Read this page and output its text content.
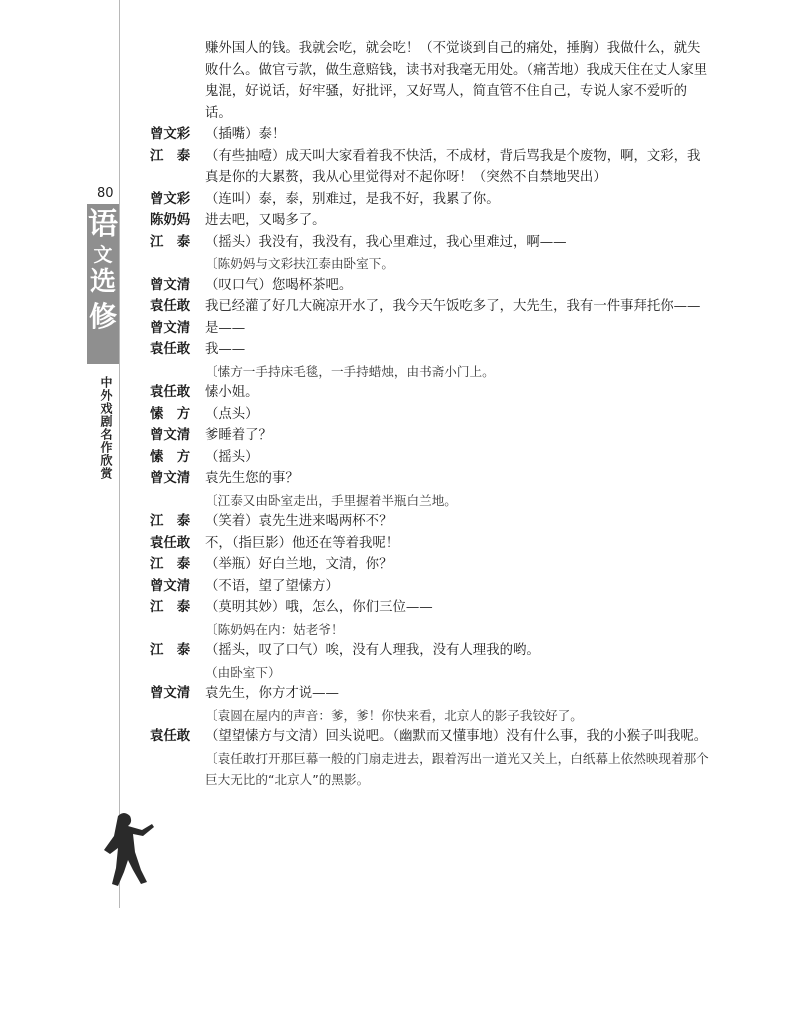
80
语
文
选
修
中外戏剧名作欣赏
赚外国人的钱。我就会吃，就会吃！（不觉谈到自己的痛处，捶胸）我做什么，就失败什么。做官亏款，做生意赔钱，读书对我毫无用处。（痛苦地）我成天住在丈人家里鬼混，好说话，好牢骚，好批评，又好骂人，简直管不住自己，专说人家不爱听的话。
曾文彩	（插嘴）泰！
江　泰	（有些抽噎）成天叫大家看着我不快活，不成材，背后骂我是个废物，啊，文彩，我真是你的大累赘，我从心里觉得对不起你呀！（突然不自禁地哭出）
曾文彩	（连叫）泰，泰，别难过，是我不好，我累了你。
陈奶妈	进去吧，又喝多了。
江　泰	（摇头）我没有，我没有，我心里难过，我心里难过，啊——
〔陈奶妈与文彩扶江泰由卧室下。
曾文清	（叹口气）您喝杯茶吧。
袁任敢	我已经灌了好几大碗凉开水了，我今天午饭吃多了，大先生，我有一件事拜托你——
曾文清	是——
袁任敢	我——
〔愫方一手持床毛毯，一手持蜡烛，由书斋小门上。
袁任敢	愫小姐。
愫　方	（点头）
曾文清	爹睡着了？
愫　方	（摇头）
曾文清	袁先生您的事？
〔江泰又由卧室走出，手里握着半瓶白兰地。
江　泰	（笑着）袁先生进来喝两杯不？
袁任敢	不，（指巨影）他还在等着我呢！
江　泰	（举瓶）好白兰地，文清，你？
曾文清	（不语，望了望愫方）
江　泰	（莫明其妙）哦，怎么，你们三位——
〔陈奶妈在内：姑老爷！
江　泰	（摇头，叹了口气）唉，没有人理我，没有人理我的哟。
（由卧室下）
曾文清	袁先生，你方才说——
〔袁圆在屋内的声音：爹，爹！你快来看，北京人的影子我铰好了。
袁任敢	（望望愫方与文清）回头说吧。（幽默而又懂事地）没有什么事，我的小猴子叫我呢。
〔袁任敢打开那巨幕一般的门扇走进去，跟着泻出一道光又关上，白纸幕上依然映现着那个巨大无比的“北京人”的黑影。
